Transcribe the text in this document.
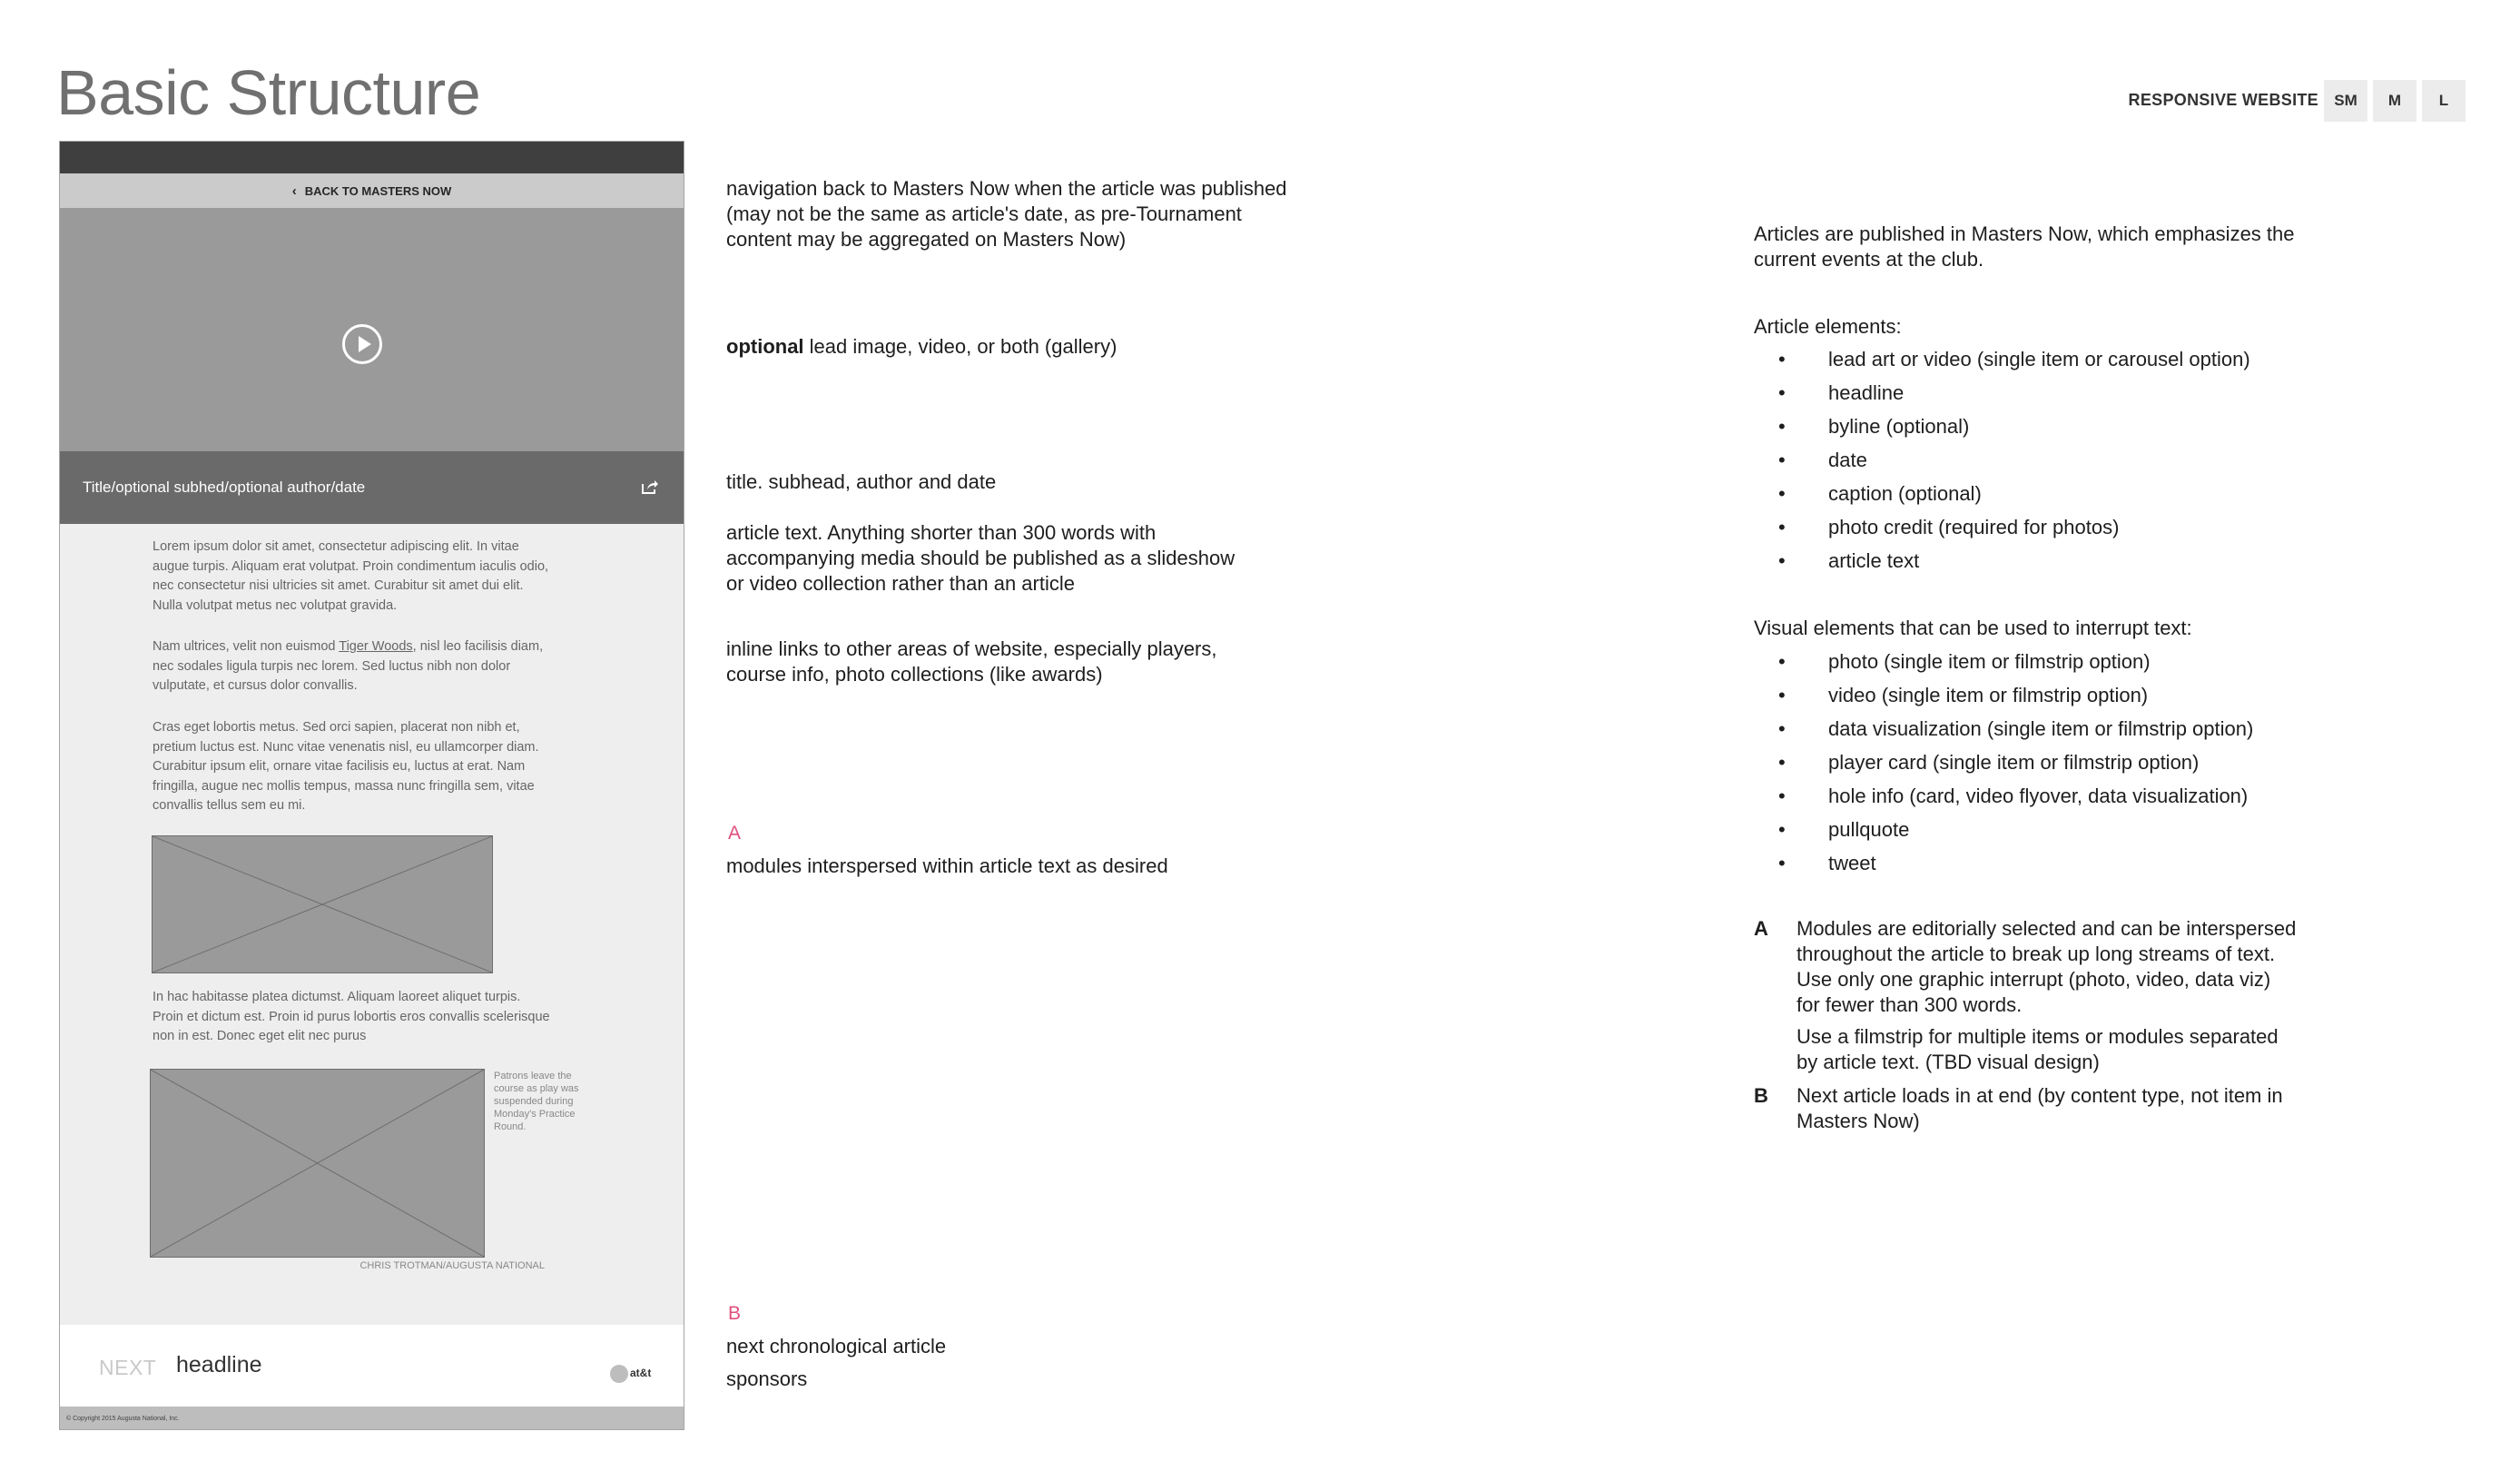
Basic Structure	RESPONSIVE WEBSITE	SM	M	L
‹ BACK TO MASTERS NOW
Title/optional subhed/optional author/date
Lorem ipsum dolor sit amet, consectetur adipiscing elit. In vitae augue turpis. Aliquam erat volutpat. Proin condimentum iaculis odio, nec consectetur nisi ultricies sit amet. Curabitur sit amet dui elit. Nulla volutpat metus nec volutpat gravida.
Nam ultrices, velit non euismod Tiger Woods, nisl leo facilisis diam, nec sodales ligula turpis nec lorem. Sed luctus nibh non dolor vulputate, et cursus dolor convallis.
Cras eget lobortis metus. Sed orci sapien, placerat non nibh et, pretium luctus est. Nunc vitae venenatis nisl, eu ullamcorper diam. Curabitur ipsum elit, ornare vitae facilisis eu, luctus at erat. Nam fringilla, augue nec mollis tempus, massa nunc fringilla sem, vitae convallis tellus sem eu mi.
In hac habitasse platea dictumst. Aliquam laoreet aliquet turpis. Proin et dictum est. Proin id purus lobortis eros convallis scelerisque non in est. Donec eget elit nec purus
Patrons leave the course as play was suspended during Monday's Practice Round.
CHRIS TROTMAN/AUGUSTA NATIONAL
NEXT headline	at&t
© Copyright 2015 Augusta National, Inc.
navigation back to Masters Now when the article was published
(may not be the same as article's date, as pre-Tournament
content may be aggregated on Masters Now)
optional lead image, video, or both (gallery)
title. subhead, author and date
article text. Anything shorter than 300 words with
accompanying media should be published as a slideshow
or video collection rather than an article
inline links to other areas of website, especially players,
course info, photo collections (like awards)
A
modules interspersed within article text as desired
B
next chronological article
sponsors
Articles are published in Masters Now, which emphasizes the
current events at the club.
Article elements:
• lead art or video (single item or carousel option)
• headline
• byline (optional)
• date
• caption (optional)
• photo credit (required for photos)
• article text
Visual elements that can be used to interrupt text:
• photo (single item or filmstrip option)
• video (single item or filmstrip option)
• data visualization (single item or filmstrip option)
• player card (single item or filmstrip option)
• hole info (card, video flyover, data visualization)
• pullquote
• tweet
A Modules are editorially selected and can be interspersed
throughout the article to break up long streams of text.
Use only one graphic interrupt (photo, video, data viz)
for fewer than 300 words.
Use a filmstrip for multiple items or modules separated
by article text. (TBD visual design)
B Next article loads in at end (by content type, not item in
Masters Now)
